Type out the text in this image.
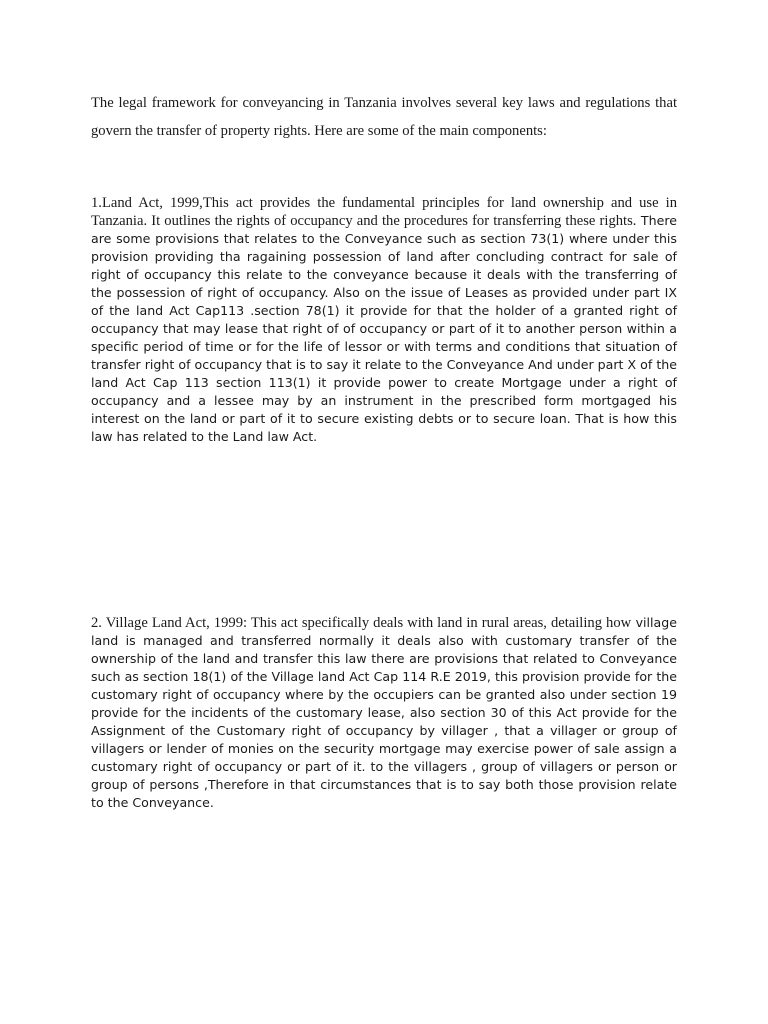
The legal framework for conveyancing in Tanzania involves several key laws and regulations that govern the transfer of property rights. Here are some of the main components:

1.Land Act, 1999,This act provides the fundamental principles for land ownership and use in Tanzania. It outlines the rights of occupancy and the procedures for transferring these rights. There are some provisions that relates to the Conveyance such as section 73(1) where under this provision providing tha ragaining possession of land after concluding contract for sale of right of occupancy this relate to the conveyance because it deals with the transferring of the possession of right of occupancy. Also on the issue of Leases as provided under part IX of the land Act Cap113 .section 78(1) it provide for that the holder of a granted right of occupancy that may lease that right of of occupancy or part of it to another person within a specific period of time or for the life of lessor or with terms and conditions that situation of transfer right of occupancy that is to say it relate to the Conveyance And under part X of the land Act Cap 113 section 113(1) it provide power to create Mortgage under a right of occupancy and a lessee may by an instrument in the prescribed form mortgaged his interest on the land or part of it to secure existing debts or to secure loan. That is how this law has related to the Land law Act.

2. Village Land Act, 1999: This act specifically deals with land in rural areas, detailing how village land is managed and transferred normally it deals also with customary transfer of the ownership of the land and transfer this law there are provisions that related to Conveyance such as section 18(1) of the Village land Act Cap 114 R.E 2019, this provision provide for the customary right of occupancy where by the occupiers can be granted also under section 19 provide for the incidents of the customary lease, also section 30 of this Act provide for the Assignment of the Customary right of occupancy by villager , that a villager or group of villagers or lender of monies on the security mortgage may exercise power of sale assign a customary right of occupancy or part of it. to the villagers , group of villagers or person or group of persons ,Therefore in that circumstances that is to say both those provision relate to the Conveyance.
